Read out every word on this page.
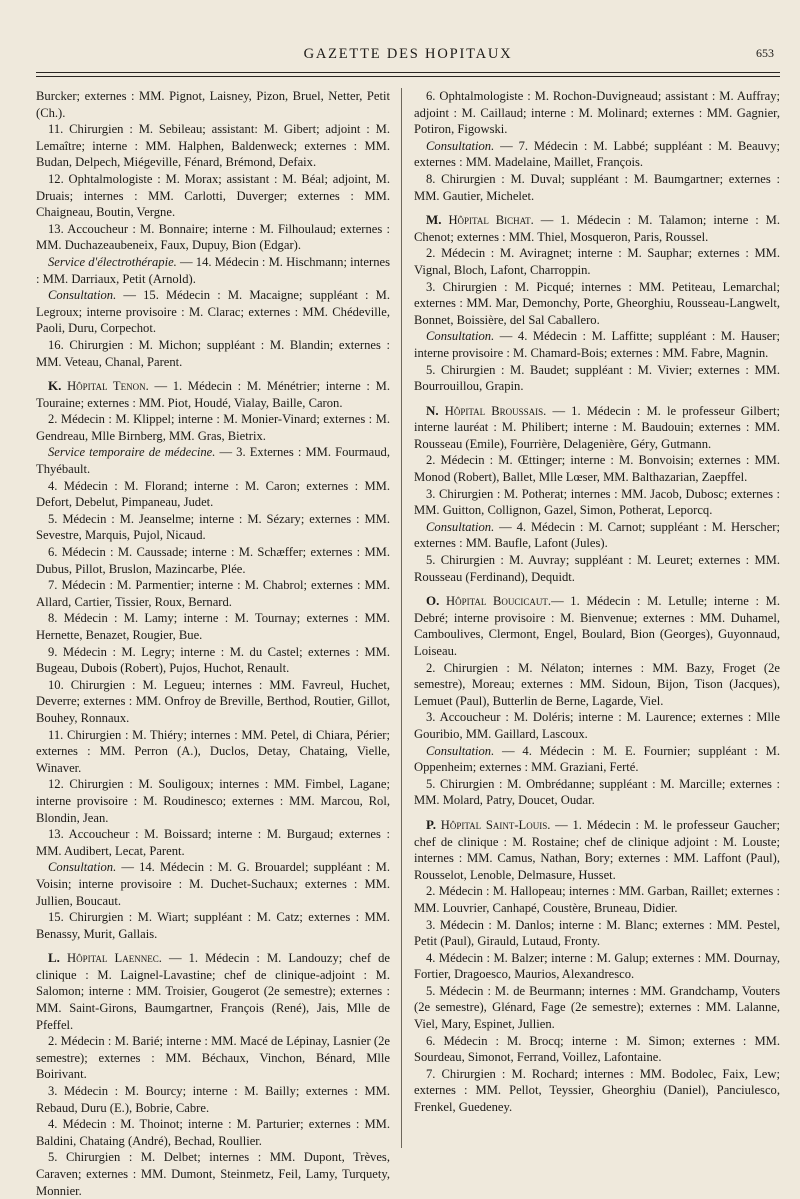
GAZETTE DES HOPITAUX	653

Burcker; externes : MM. Pignot, Laisney, Pizon, Bruel, Netter, Petit (Ch.).

11. Chirurgien : M. Sebileau; assistant: M. Gibert; adjoint : M. Lemaître; interne : MM. Halphen, Baldenweck; externes : MM. Budan, Delpech, Miégeville, Fénard, Brémond, Defaix.

12. Ophtalmologiste : M. Morax; assistant : M. Béal; adjoint, M. Druais; internes : MM. Carlotti, Duverger; externes : MM. Chaigneau, Boutin, Vergne.

13. Accoucheur : M. Bonnaire; interne : M. Filhoulaud; externes : MM. Duchazeaubeneix, Faux, Dupuy, Bion (Edgar).

Service d'électrothérapie. — 14. Médecin : M. Hischmann; internes : MM. Darriaux, Petit (Arnold).

Consultation. — 15. Médecin : M. Macaigne; suppléant : M. Legroux; interne provisoire : M. Clarac; externes : MM. Chédeville, Paoli, Duru, Corpechot.

16. Chirurgien : M. Michon; suppléant : M. Blandin; externes : MM. Veteau, Chanal, Parent.

K. Hôpital Tenon. — 1. Médecin : M. Ménétrier; interne : M. Touraine; externes : MM. Piot, Houdé, Vialay, Baille, Caron.

2. Médecin : M. Klippel; interne : M. Monier-Vinard; externes : M. Gendreau, Mlle Birnberg, MM. Gras, Bietrix.

Service temporaire de médecine. — 3. Externes : MM. Fourmaud, Thyébault.

4. Médecin : M. Florand; interne : M. Caron; externes : MM. Defort, Debelut, Pimpaneau, Judet.

5. Médecin : M. Jeanselme; interne : M. Sézary; externes : MM. Sevestre, Marquis, Pujol, Nicaud.

6. Médecin : M. Caussade; interne : M. Schæffer; externes : MM. Dubus, Pillot, Bruslon, Mazincarbe, Plée.

7. Médecin : M. Parmentier; interne : M. Chabrol; externes : MM. Allard, Cartier, Tissier, Roux, Bernard.

8. Médecin : M. Lamy; interne : M. Tournay; externes : MM. Hernette, Benazet, Rougier, Bue.

9. Médecin : M. Legry; interne : M. du Castel; externes : MM. Bugeau, Dubois (Robert), Pujos, Huchot, Renault.

10. Chirurgien : M. Legueu; internes : MM. Favreul, Huchet, Deverre; externes : MM. Onfroy de Breville, Berthod, Routier, Gillot, Bouhey, Ronnaux.

11. Chirurgien : M. Thiéry; internes : MM. Petel, di Chiara, Périer; externes : MM. Perron (A.), Duclos, Detay, Chataing, Vielle, Winaver.

12. Chirurgien : M. Souligoux; internes : MM. Fimbel, Lagane; interne provisoire : M. Roudinesco; externes : MM. Marcou, Rol, Blondin, Jean.

13. Accoucheur : M. Boissard; interne : M. Burgaud; externes : MM. Audibert, Lecat, Parent.

Consultation. — 14. Médecin : M. G. Brouardel; suppléant : M. Voisin; interne provisoire : M. Duchet-Suchaux; externes : MM. Jullien, Boucaut.

15. Chirurgien : M. Wiart; suppléant : M. Catz; externes : MM. Benassy, Murit, Gallais.

L. Hôpital Laennec. — 1. Médecin : M. Landouzy; chef de clinique : M. Laignel-Lavastine; chef de clinique-adjoint : M. Salomon; interne : MM. Troisier, Gougerot (2e semestre); externes : MM. Saint-Girons, Baumgartner, François (René), Jais, Mlle de Pfeffel.

2. Médecin : M. Barié; interne : MM. Macé de Lépinay, Lasnier (2e semestre); externes : MM. Béchaux, Vinchon, Bénard, Mlle Boirivant.

3. Médecin : M. Bourcy; interne : M. Bailly; externes : MM. Rebaud, Duru (E.), Bobrie, Cabre.

4. Médecin : M. Thoinot; interne : M. Parturier; externes : MM. Baldini, Chataing (André), Bechad, Roullier.

5. Chirurgien : M. Delbet; internes : MM. Dupont, Trèves, Caraven; externes : MM. Dumont, Steinmetz, Feil, Lamy, Turquety, Monnier.

6. Ophtalmologiste : M. Rochon-Duvigneaud; assistant : M. Auffray; adjoint : M. Caillaud; interne : M. Molinard; externes : MM. Gagnier, Potiron, Figowski.

Consultation. — 7. Médecin : M. Labbé; suppléant : M. Beauvy; externes : MM. Madelaine, Maillet, François.

8. Chirurgien : M. Duval; suppléant : M. Baumgartner; externes : MM. Gautier, Michelet.

M. Hôpital Bichat. — 1. Médecin : M. Talamon; interne : M. Chenot; externes : MM. Thiel, Mosqueron, Paris, Roussel.

2. Médecin : M. Aviragnet; interne : M. Sauphar; externes : MM. Vignal, Bloch, Lafont, Charroppin.

3. Chirurgien : M. Picqué; internes : MM. Petiteau, Lemarchal; externes : MM. Mar, Demonchy, Porte, Gheorghiu, Rousseau-Langwelt, Bonnet, Boissière, del Sal Caballero.

Consultation. — 4. Médecin : M. Laffitte; suppléant : M. Hauser; interne provisoire : M. Chamard-Bois; externes : MM. Fabre, Magnin.

5. Chirurgien : M. Baudet; suppléant : M. Vivier; externes : MM. Bourrouillou, Grapin.

N. Hôpital Broussais. — 1. Médecin : M. le professeur Gilbert; interne lauréat : M. Philibert; interne : M. Baudouin; externes : MM. Rousseau (Emile), Fourrière, Delagenière, Géry, Gutmann.

2. Médecin : M. Œttinger; interne : M. Bonvoisin; externes : MM. Monod (Robert), Ballet, Mlle Lœser, MM. Balthazarian, Zaepffel.

3. Chirurgien : M. Potherat; internes : MM. Jacob, Dubosc; externes : MM. Guitton, Collignon, Gazel, Simon, Potherat, Leporcq.

Consultation. — 4. Médecin : M. Carnot; suppléant : M. Herscher; externes : MM. Baufle, Lafont (Jules).

5. Chirurgien : M. Auvray; suppléant : M. Leuret; externes : MM. Rousseau (Ferdinand), Dequidt.

O. Hôpital Boucicaut.— 1. Médecin : M. Letulle; interne : M. Debré; interne provisoire : M. Bienvenue; externes : MM. Duhamel, Camboulives, Clermont, Engel, Boulard, Bion (Georges), Guyonnaud, Loiseau.

2. Chirurgien : M. Nélaton; internes : MM. Bazy, Froget (2e semestre), Moreau; externes : MM. Sidoun, Bijon, Tison (Jacques), Lemuet (Paul), Butterlin de Berne, Lagarde, Viel.

3. Accoucheur : M. Doléris; interne : M. Laurence; externes : Mlle Gouribio, MM. Gaillard, Lascoux.

Consultation. — 4. Médecin : M. E. Fournier; suppléant : M. Oppenheim; externes : MM. Graziani, Ferté.

5. Chirurgien : M. Ombrédanne; suppléant : M. Marcille; externes : MM. Molard, Patry, Doucet, Oudar.

P. Hôpital Saint-Louis. — 1. Médecin : M. le professeur Gaucher; chef de clinique : M. Rostaine; chef de clinique adjoint : M. Louste; internes : MM. Camus, Nathan, Bory; externes : MM. Laffont (Paul), Rousselot, Lenoble, Delmasure, Husset.

2. Médecin : M. Hallopeau; internes : MM. Garban, Raillet; externes : MM. Louvrier, Canhapé, Coustère, Bruneau, Didier.

3. Médecin : M. Danlos; interne : M. Blanc; externes : MM. Pestel, Petit (Paul), Girauld, Lutaud, Fronty.

4. Médecin : M. Balzer; interne : M. Galup; externes : MM. Dournay, Fortier, Dragoesco, Maurios, Alexandresco.

5. Médecin : M. de Beurmann; internes : MM. Grandchamp, Vouters (2e semestre), Glénard, Fage (2e semestre); externes : MM. Lalanne, Viel, Mary, Espinet, Jullien.

6. Médecin : M. Brocq; interne : M. Simon; externes : MM. Sourdeau, Simonot, Ferrand, Voillez, Lafontaine.

7. Chirurgien : M. Rochard; internes : MM. Bodolec, Faix, Lew; externes : MM. Pellot, Teyssier, Gheorghiu (Daniel), Panciulesco, Frenkel, Guedeney.
